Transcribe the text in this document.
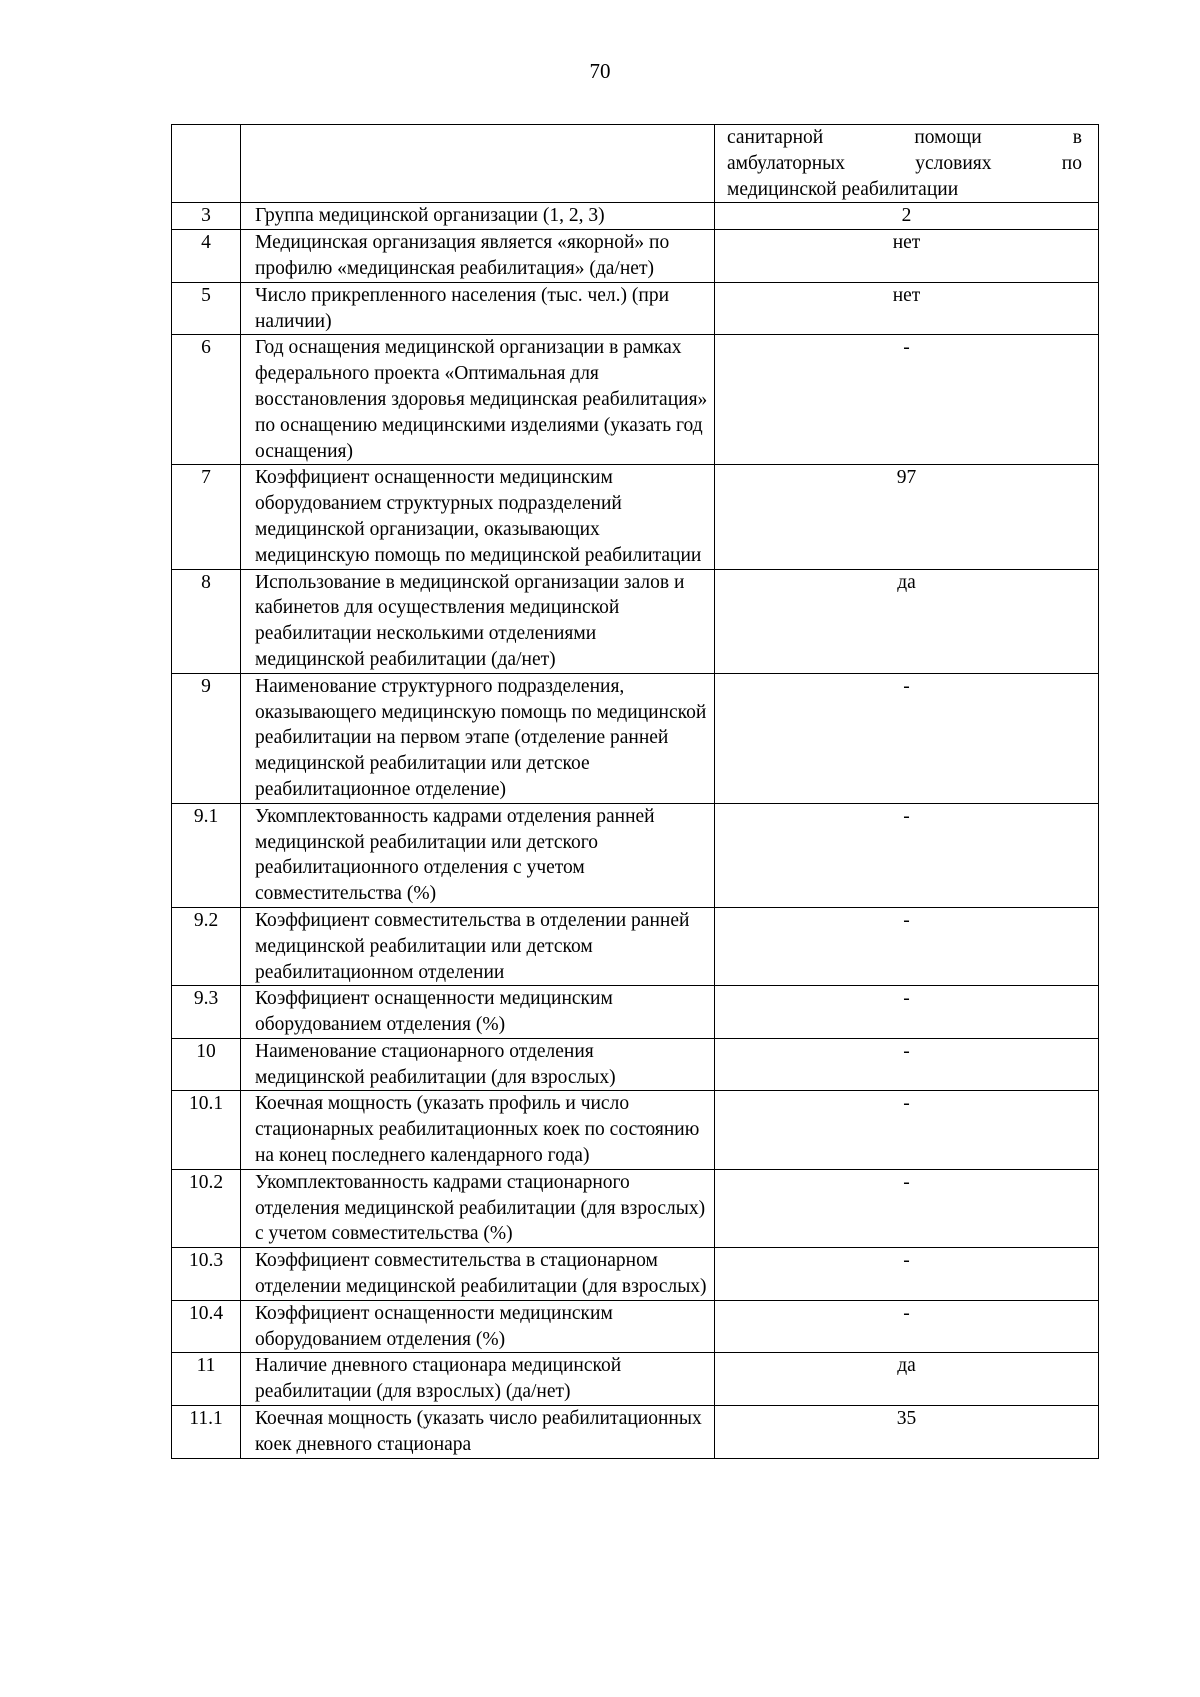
70

		санитарной помощи в
амбулаторных условиях по
медицинской реабилитации

3	Группа медицинской организации (1, 2, 3)	2
4	Медицинская организация является «якорной» по профилю «медицинская реабилитация» (да/нет)	нет
5	Число прикрепленного населения (тыс. чел.) (при наличии)	нет
6	Год оснащения медицинской организации в рамках федерального проекта «Оптимальная для восстановления здоровья медицинская реабилитация» по оснащению медицинскими изделиями (указать год оснащения)	-
7	Коэффициент оснащенности медицинским оборудованием структурных подразделений медицинской организации, оказывающих медицинскую помощь по медицинской реабилитации	97
8	Использование в медицинской организации залов и кабинетов для осуществления медицинской реабилитации несколькими отделениями медицинской реабилитации (да/нет)	да
9	Наименование структурного подразделения, оказывающего медицинскую помощь по медицинской реабилитации на первом этапе (отделение ранней медицинской реабилитации или детское реабилитационное отделение)	-
9.1	Укомплектованность кадрами отделения ранней медицинской реабилитации или детского реабилитационного отделения с учетом совместительства (%)	-
9.2	Коэффициент совместительства в отделении ранней медицинской реабилитации или детском реабилитационном отделении	-
9.3	Коэффициент оснащенности медицинским оборудованием отделения (%)	-
10	Наименование стационарного отделения медицинской реабилитации (для взрослых)	-
10.1	Коечная мощность (указать профиль и число стационарных реабилитационных коек по состоянию на конец последнего календарного года)	-
10.2	Укомплектованность кадрами стационарного отделения медицинской реабилитации (для взрослых) с учетом совместительства (%)	-
10.3	Коэффициент совместительства в стационарном отделении медицинской реабилитации (для взрослых)	-
10.4	Коэффициент оснащенности медицинским оборудованием отделения (%)	-
11	Наличие дневного стационара медицинской реабилитации (для взрослых) (да/нет)	да
11.1	Коечная мощность (указать число реабилитационных коек дневного стационара	35
